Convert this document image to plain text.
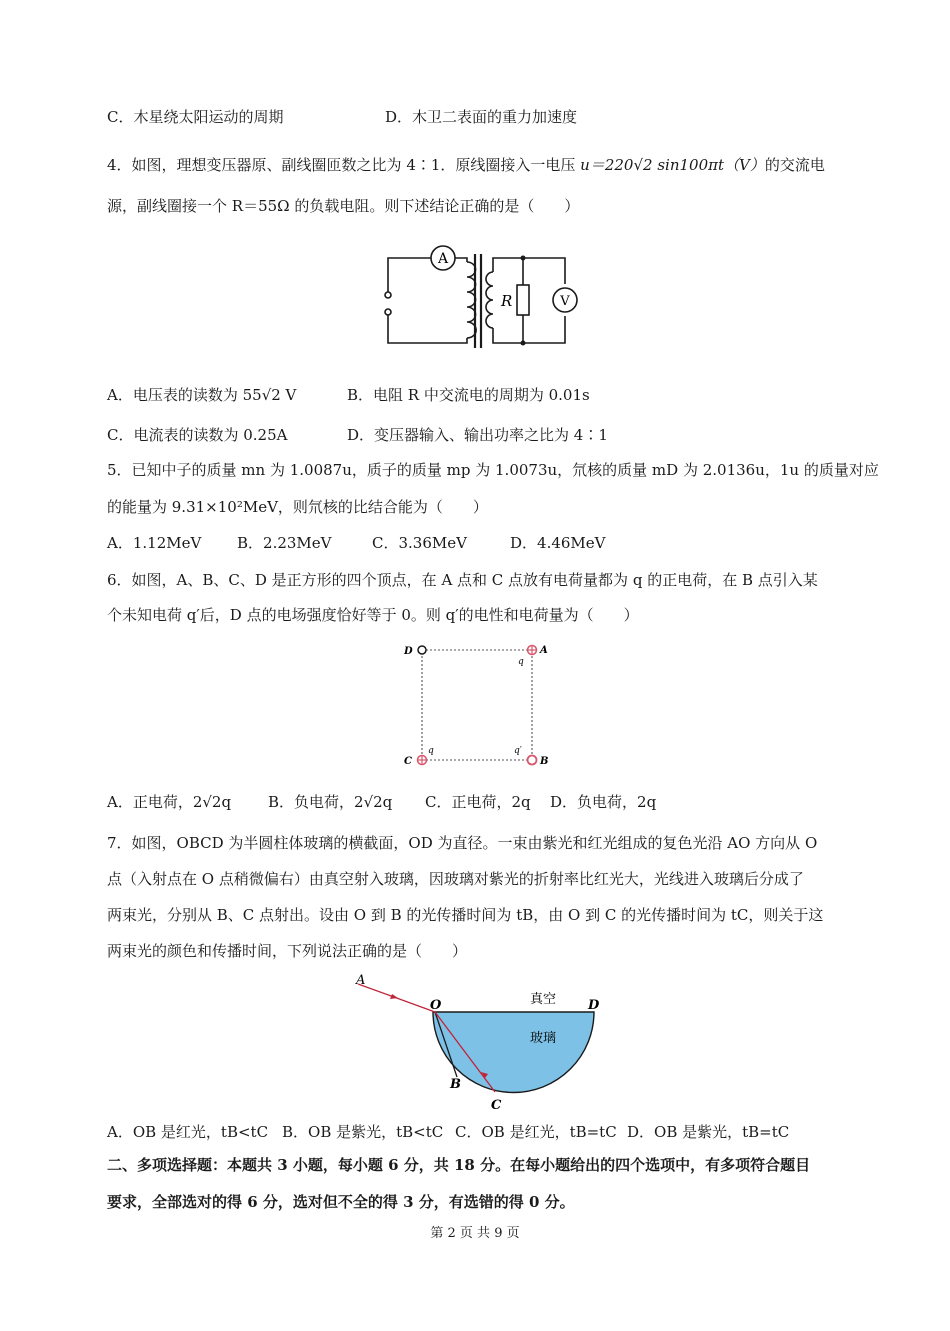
C．木星绕太阳运动的周期	D．木卫二表面的重力加速度
4．如图，理想变压器原、副线圈匝数之比为 4∶1．原线圈接入一电压 u＝220√2 sin100πt（V）的交流电
源，副线圈接一个 R＝55Ω 的负载电阻。则下述结论正确的是（　　）
A
V
R
A．电压表的读数为 55√2 V	B．电阻 R 中交流电的周期为 0.01s
C．电流表的读数为 0.25A	D．变压器输入、输出功率之比为 4∶1
5．已知中子的质量 mn 为 1.0087u，质子的质量 mp 为 1.0073u，氘核的质量 mD 为 2.0136u，1u 的质量对应
的能量为 9.31×10²MeV，则氘核的比结合能为（　　）
A．1.12MeV B．2.23MeV	C．3.36MeV	D．4.46MeV
6．如图，A、B、C、D 是正方形的四个顶点，在 A 点和 C 点放有电荷量都为 q 的正电荷，在 B 点引入某
个未知电荷 q′后，D 点的电场强度恰好等于 0。则 q′的电性和电荷量为（　　）
D	A
q
C
q
B
q′
A．正电荷，2√2q B．负电荷，2√2q C．正电荷，2q D．负电荷，2q
7．如图，OBCD 为半圆柱体玻璃的横截面，OD 为直径。一束由紫光和红光组成的复色光沿 AO 方向从 O
点（入射点在 O 点稍微偏右）由真空射入玻璃，因玻璃对紫光的折射率比红光大，光线进入玻璃后分成了
两束光，分别从 B、C 点射出。设由 O 到 B 的光传播时间为 tB，由 O 到 C 的光传播时间为 tC，则关于这
两束光的颜色和传播时间，下列说法正确的是（　　）
A
O	D
B
C
真空
玻璃
A．OB 是红光，tB<tC B．OB 是紫光，tB<tC C．OB 是红光，tB=tC D．OB 是紫光，tB=tC
二、多项选择题：本题共 3 小题，每小题 6 分，共 18 分。在每小题给出的四个选项中，有多项符合题目
要求，全部选对的得 6 分，选对但不全的得 3 分，有选错的得 0 分。
第 2 页 共 9 页
